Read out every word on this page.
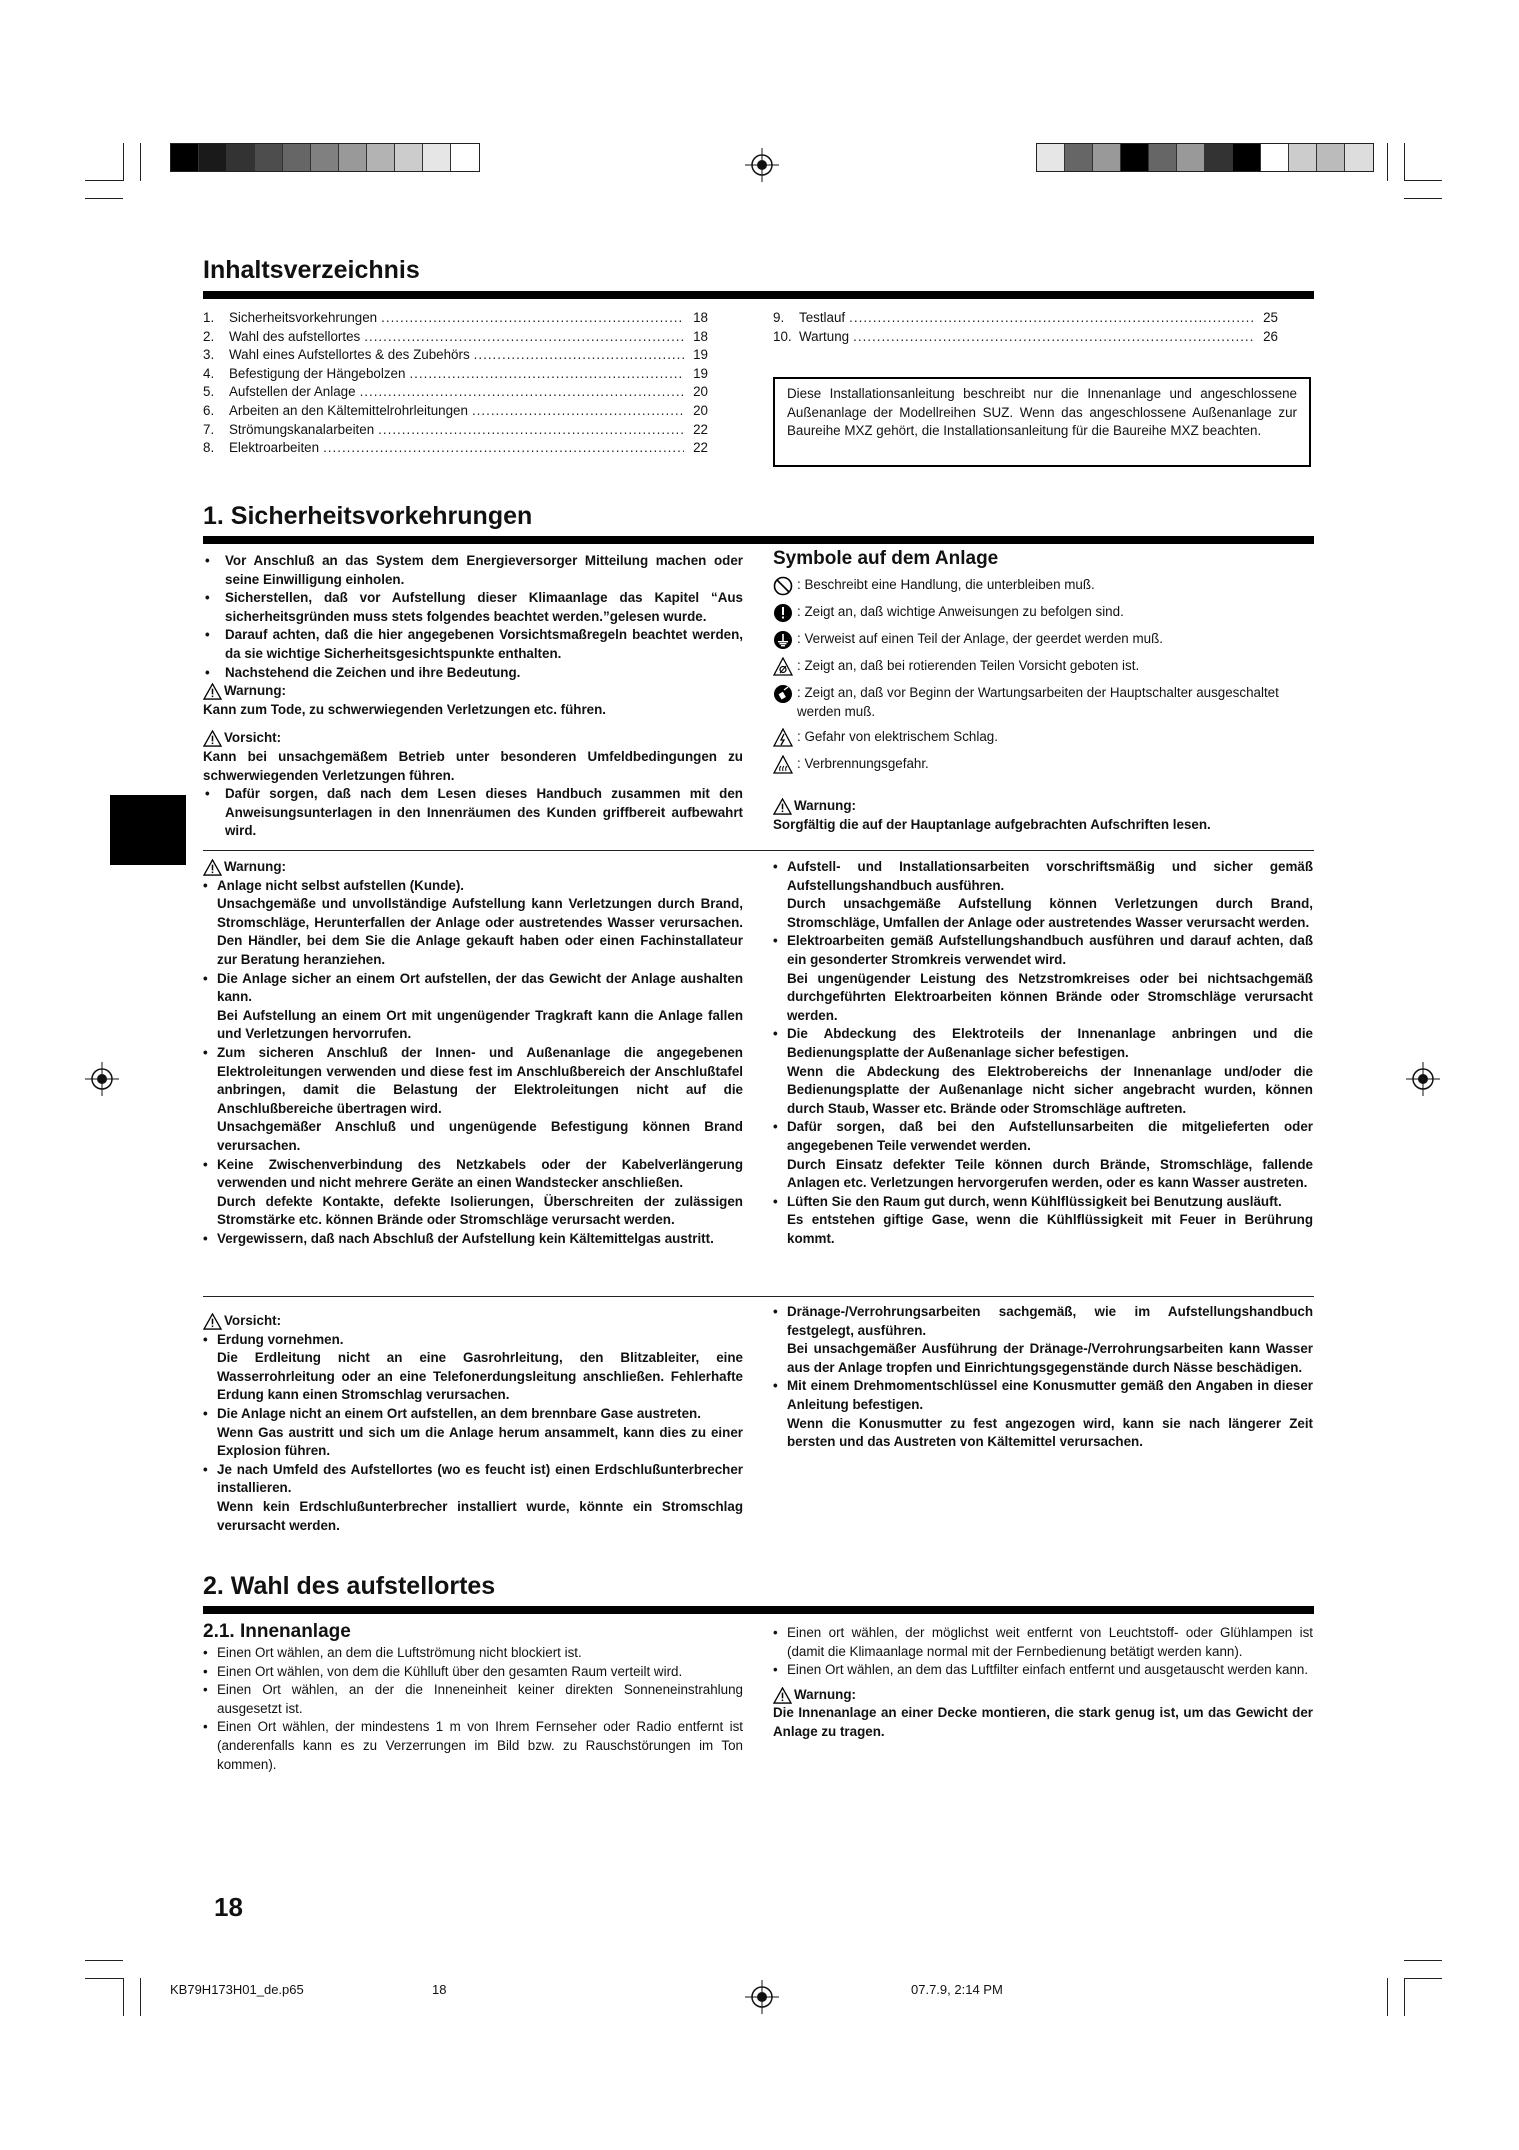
Inhaltsverzeichnis
1.	Sicherheitsvorkehrungen .....	18
2.	Wahl des aufstellortes .....	18
3.	Wahl eines Aufstellortes & des Zubehörs .....	19
4.	Befestigung der Hängebolzen .....	19
5.	Aufstellen der Anlage .....	20
6.	Arbeiten an den Kältemittelrohrleitungen .....	20
7.	Strömungskanalarbeiten .....	22
8.	Elektroarbeiten .....	22
9.	Testlauf .....	25
10. Wartung .....	26
Diese Installationsanleitung beschreibt nur die Innenanlage und angeschlossene Außenanlage der Modellreihen SUZ. Wenn das angeschlossene Außenanlage zur Baureihe MXZ gehört, die Installationsanleitung für die Baureihe MXZ beachten.
1. Sicherheitsvorkehrungen
• Vor Anschluß an das System dem Energieversorger Mitteilung machen oder seine Einwilligung einholen.
• Sicherstellen, daß vor Aufstellung dieser Klimaanlage das Kapitel “Aus sicherheitsgründen muss stets folgendes beachtet werden.”gelesen wurde.
• Darauf achten, daß die hier angegebenen Vorsichtsmaßregeln beachtet werden, da sie wichtige Sicherheitsgesichtspunkte enthalten.
• Nachstehend die Zeichen und ihre Bedeutung.
Warnung:

Kann zum Tode, zu schwerwiegenden Verletzungen etc. führen.

Vorsicht:

Kann bei unsachgemäßem Betrieb unter besonderen Umfeldbedingungen zu schwerwiegenden Verletzungen führen.

• Dafür sorgen, daß nach dem Lesen dieses Handbuch zusammen mit den Anweisungsunterlagen in den Innenräumen des Kunden griffbereit aufbewahrt wird.
Symbole auf dem Anlage
: Beschreibt eine Handlung, die unterbleiben muß.
: Zeigt an, daß wichtige Anweisungen zu befolgen sind.
: Verweist auf einen Teil der Anlage, der geerdet werden muß.
: Zeigt an, daß bei rotierenden Teilen Vorsicht geboten ist.
: Zeigt an, daß vor Beginn der Wartungsarbeiten der Hauptschalter ausgeschaltet werden muß.
: Gefahr von elektrischem Schlag.
: Verbrennungsgefahr.
Warnung:

Sorgfältig die auf der Hauptanlage aufgebrachten Aufschriften lesen.

Warnung:
• Anlage nicht selbst aufstellen (Kunde).
Unsachgemäße und unvollständige Aufstellung kann Verletzungen durch Brand, Stromschläge, Herunterfallen der Anlage oder austretendes Wasser verursachen. Den Händler, bei dem Sie die Anlage gekauft haben oder einen Fachinstallateur zur Beratung heranziehen.
• Die Anlage sicher an einem Ort aufstellen, der das Gewicht der Anlage aushalten kann.
Bei Aufstellung an einem Ort mit ungenügender Tragkraft kann die Anlage fallen und Verletzungen hervorrufen.
• Zum sicheren Anschluß der Innen- und Außenanlage die angegebenen Elektroleitungen verwenden und diese fest im Anschlußbereich der Anschlußtafel anbringen, damit die Belastung der Elektroleitungen nicht auf die Anschlußbereiche übertragen wird.
Unsachgemäßer Anschluß und ungenügende Befestigung können Brand verursachen.
• Keine Zwischenverbindung des Netzkabels oder der Kabelverlängerung verwenden und nicht mehrere Geräte an einen Wandstecker anschließen.
Durch defekte Kontakte, defekte Isolierungen, Überschreiten der zulässigen Stromstärke etc. können Brände oder Stromschläge verursacht werden.
• Vergewissern, daß nach Abschluß der Aufstellung kein Kältemittelgas austritt.
• Aufstell- und Installationsarbeiten vorschriftsmäßig und sicher gemäß Aufstellungshandbuch ausführen.
Durch unsachgemäße Aufstellung können Verletzungen durch Brand, Stromschläge, Umfallen der Anlage oder austretendes Wasser verursacht werden.
• Elektroarbeiten gemäß Aufstellungshandbuch ausführen und darauf achten, daß ein gesonderter Stromkreis verwendet wird.
Bei ungenügender Leistung des Netzstromkreises oder bei nichtsachgemäß durchgeführten Elektroarbeiten können Brände oder Stromschläge verursacht werden.
• Die Abdeckung des Elektroteils der Innenanlage anbringen und die Bedienungsplatte der Außenanlage sicher befestigen.
Wenn die Abdeckung des Elektrobereichs der Innenanlage und/oder die Bedienungsplatte der Außenanlage nicht sicher angebracht wurden, können durch Staub, Wasser etc. Brände oder Stromschläge auftreten.
• Dafür sorgen, daß bei den Aufstellunsarbeiten die mitgelieferten oder angegebenen Teile verwendet werden.
Durch Einsatz defekter Teile können durch Brände, Stromschläge, fallende Anlagen etc. Verletzungen hervorgerufen werden, oder es kann Wasser austreten.
• Lüften Sie den Raum gut durch, wenn Kühlflüssigkeit bei Benutzung ausläuft.
Es entstehen giftige Gase, wenn die Kühlflüssigkeit mit Feuer in Berührung kommt.
Vorsicht:
• Erdung vornehmen.
Die Erdleitung nicht an eine Gasrohrleitung, den Blitzableiter, eine Wasserrohrleitung oder an eine Telefonerdungsleitung anschließen. Fehlerhafte Erdung kann einen Stromschlag verursachen.
• Die Anlage nicht an einem Ort aufstellen, an dem brennbare Gase austreten.
Wenn Gas austritt und sich um die Anlage herum ansammelt, kann dies zu einer Explosion führen.
• Je nach Umfeld des Aufstellortes (wo es feucht ist) einen Erdschlußunterbrecher installieren.
Wenn kein Erdschlußunterbrecher installiert wurde, könnte ein Stromschlag verursacht werden.
• Dränage-/Verrohrungsarbeiten sachgemäß, wie im Aufstellungshandbuch festgelegt, ausführen.
Bei unsachgemäßer Ausführung der Dränage-/Verrohrungsarbeiten kann Wasser aus der Anlage tropfen und Einrichtungsgegenstände durch Nässe beschädigen.
• Mit einem Drehmomentschlüssel eine Konusmutter gemäß den Angaben in dieser Anleitung befestigen.
Wenn die Konusmutter zu fest angezogen wird, kann sie nach längerer Zeit bersten und das Austreten von Kältemittel verursachen.
2. Wahl des aufstellortes
2.1. Innenanlage
• Einen Ort wählen, an dem die Luftströmung nicht blockiert ist.
• Einen Ort wählen, von dem die Kühlluft über den gesamten Raum verteilt wird.
• Einen Ort wählen, an der die Inneneinheit keiner direkten Sonneneinstrahlung ausgesetzt ist.
• Einen Ort wählen, der mindestens 1 m von Ihrem Fernseher oder Radio entfernt ist (anderenfalls kann es zu Verzerrungen im Bild bzw. zu Rauschstörungen im Ton kommen).
• Einen ort wählen, der möglichst weit entfernt von Leuchtstoff- oder Glühlampen ist (damit die Klimaanlage normal mit der Fernbedienung betätigt werden kann).
• Einen Ort wählen, an dem das Luftfilter einfach entfernt und ausgetauscht werden kann.
Warnung:

Die Innenanlage an einer Decke montieren, die stark genug ist, um das Gewicht der Anlage zu tragen.

18
KB79H173H01_de.p65	18	07.7.9, 2:14 PM
